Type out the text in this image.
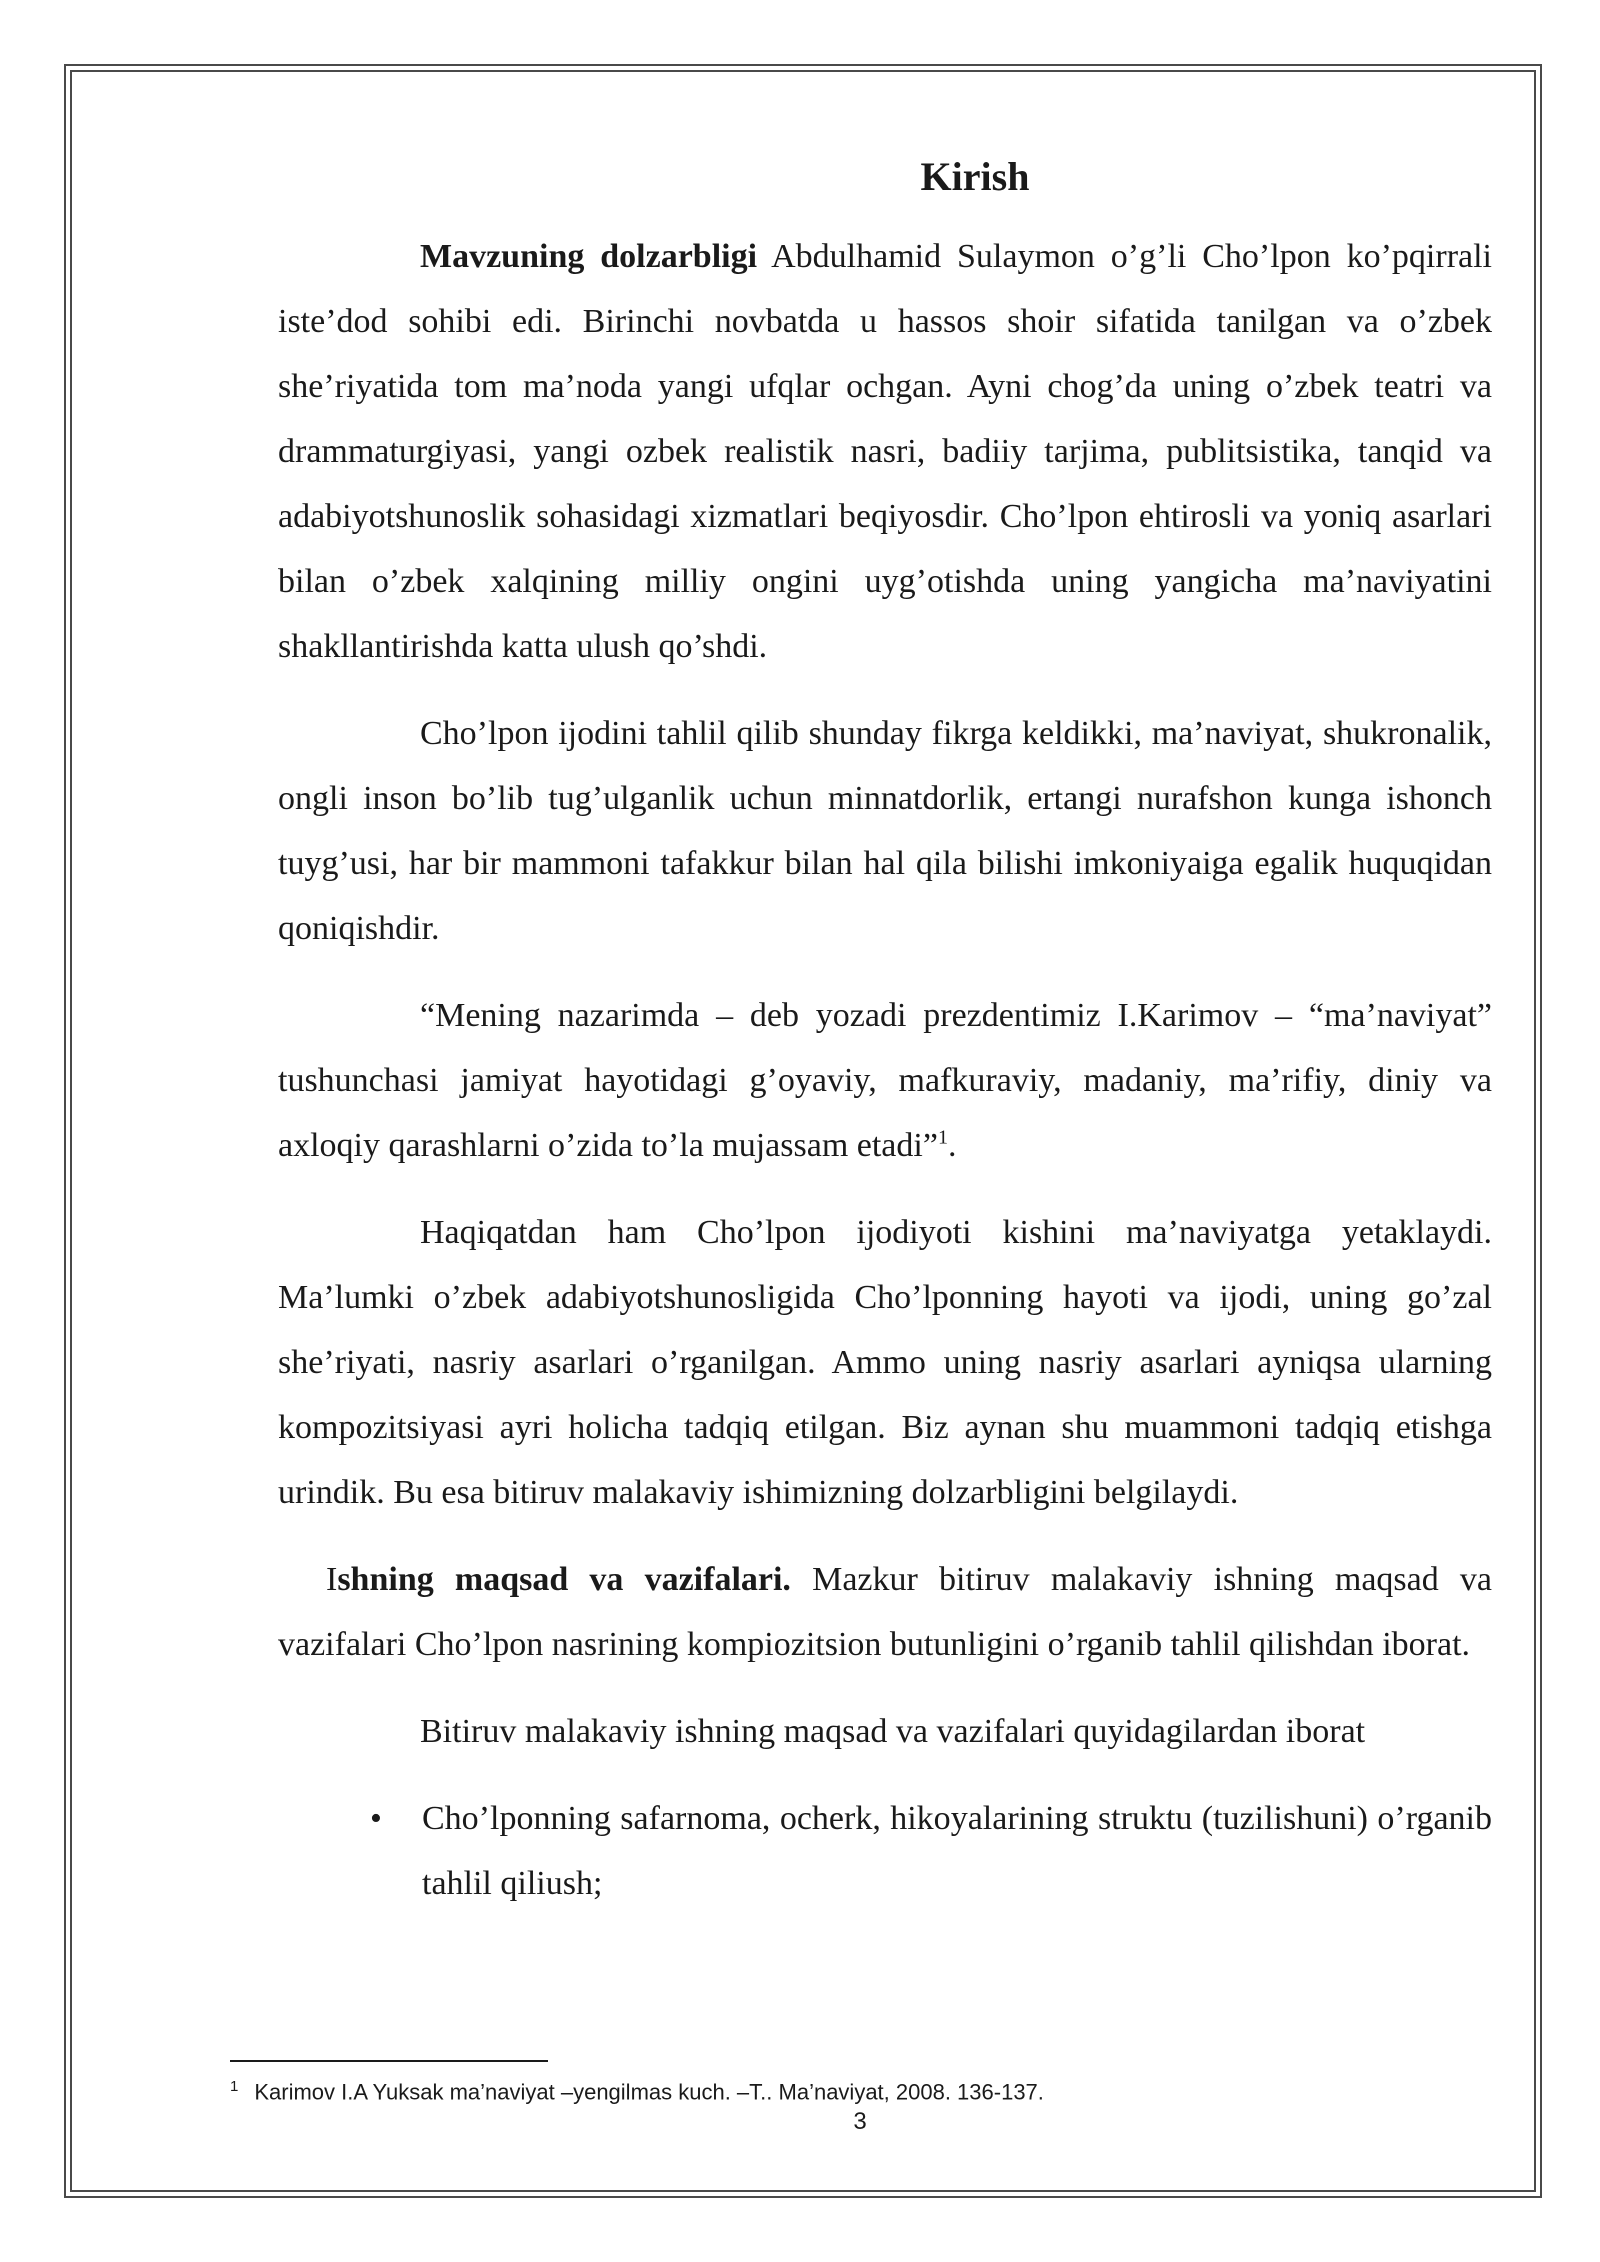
Kirish

Mavzuning dolzarbligi Abdulhamid Sulaymon o’g’li Cho’lpon ko’pqirrali iste’dod sohibi edi. Birinchi novbatda u hassos shoir sifatida tanilgan va o’zbek she’riyatida tom ma’noda yangi ufqlar ochgan. Ayni chog’da uning o’zbek teatri va drammaturgiyasi, yangi ozbek realistik nasri, badiiy tarjima, publitsistika, tanqid va adabiyotshunoslik sohasidagi xizmatlari beqiyosdir. Cho’lpon ehtirosli va yoniq asarlari bilan o’zbek xalqining milliy ongini uyg’otishda uning yangicha ma’naviyatini shakllantirishda katta ulush qo’shdi.

Cho’lpon ijodini tahlil qilib shunday fikrga keldikki, ma’naviyat, shukronalik, ongli inson bo’lib tug’ulganlik uchun minnatdorlik, ertangi nurafshon kunga ishonch tuyg’usi, har bir mammoni tafakkur bilan hal qila bilishi imkoniyaiga egalik huquqidan qoniqishdir.

“Mening nazarimda – deb yozadi prezdentimiz I.Karimov – “ma’naviyat” tushunchasi jamiyat hayotidagi g’oyaviy, mafkuraviy, madaniy, ma’rifiy, diniy va axloqiy qarashlarni o’zida to’la mujassam etadi”$^1$.

Haqiqatdan ham Cho’lpon ijodiyoti kishini ma’naviyatga yetaklaydi. Ma’lumki o’zbek adabiyotshunosligida Cho’lponning hayoti va ijodi, uning go’zal she’riyati, nasriy asarlari o’rganilgan. Ammo uning nasriy asarlari ayniqsa ularning kompozitsiyasi ayri holicha tadqiq etilgan. Biz aynan shu muammoni tadqiq etishga urindik. Bu esa bitiruv malakaviy ishimizning dolzarbligini belgilaydi.

Ishning maqsad va vazifalari. Mazkur bitiruv malakaviy ishning maqsad va vazifalari Cho’lpon nasrining kompiozitsion butunligini o’rganib tahlil qilishdan iborat.

Bitiruv malakaviy ishning maqsad va vazifalari quyidagilardan iborat

• Cho’lponning safarnoma, ocherk, hikoyalarining struktu (tuzilishuni) o’rganib tahlil qiliush;
$^1$ Karimov I.A Yuksak ma’naviyat –yengilmas kuch. –T.. Ma’naviyat, 2008. 136-137.
3
